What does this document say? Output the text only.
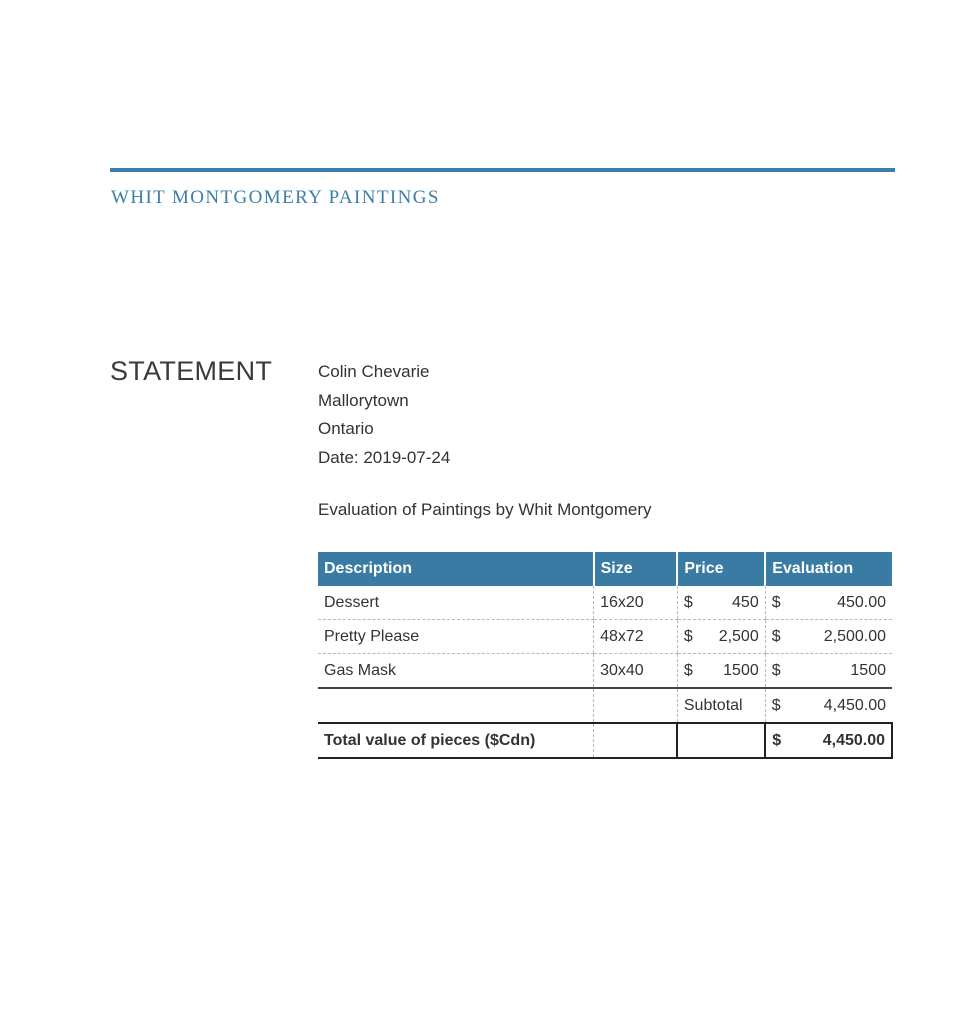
WHIT MONTGOMERY PAINTINGS
STATEMENT	Colin Chevarie
Mallorytown
Ontario
Date: 2019-07-24
Evaluation of Paintings by Whit Montgomery
Description	Size	Price	Evaluation
Dessert	16x20	$ 450	$ 450.00

Pretty Please	48x72	$ 2,500	$ 2,500.00

Gas Mask	30x40	$ 1500	$ 1500

		Subtotal	$ 4,450.00

Total value of pieces ($Cdn)			$ 4,450.00
